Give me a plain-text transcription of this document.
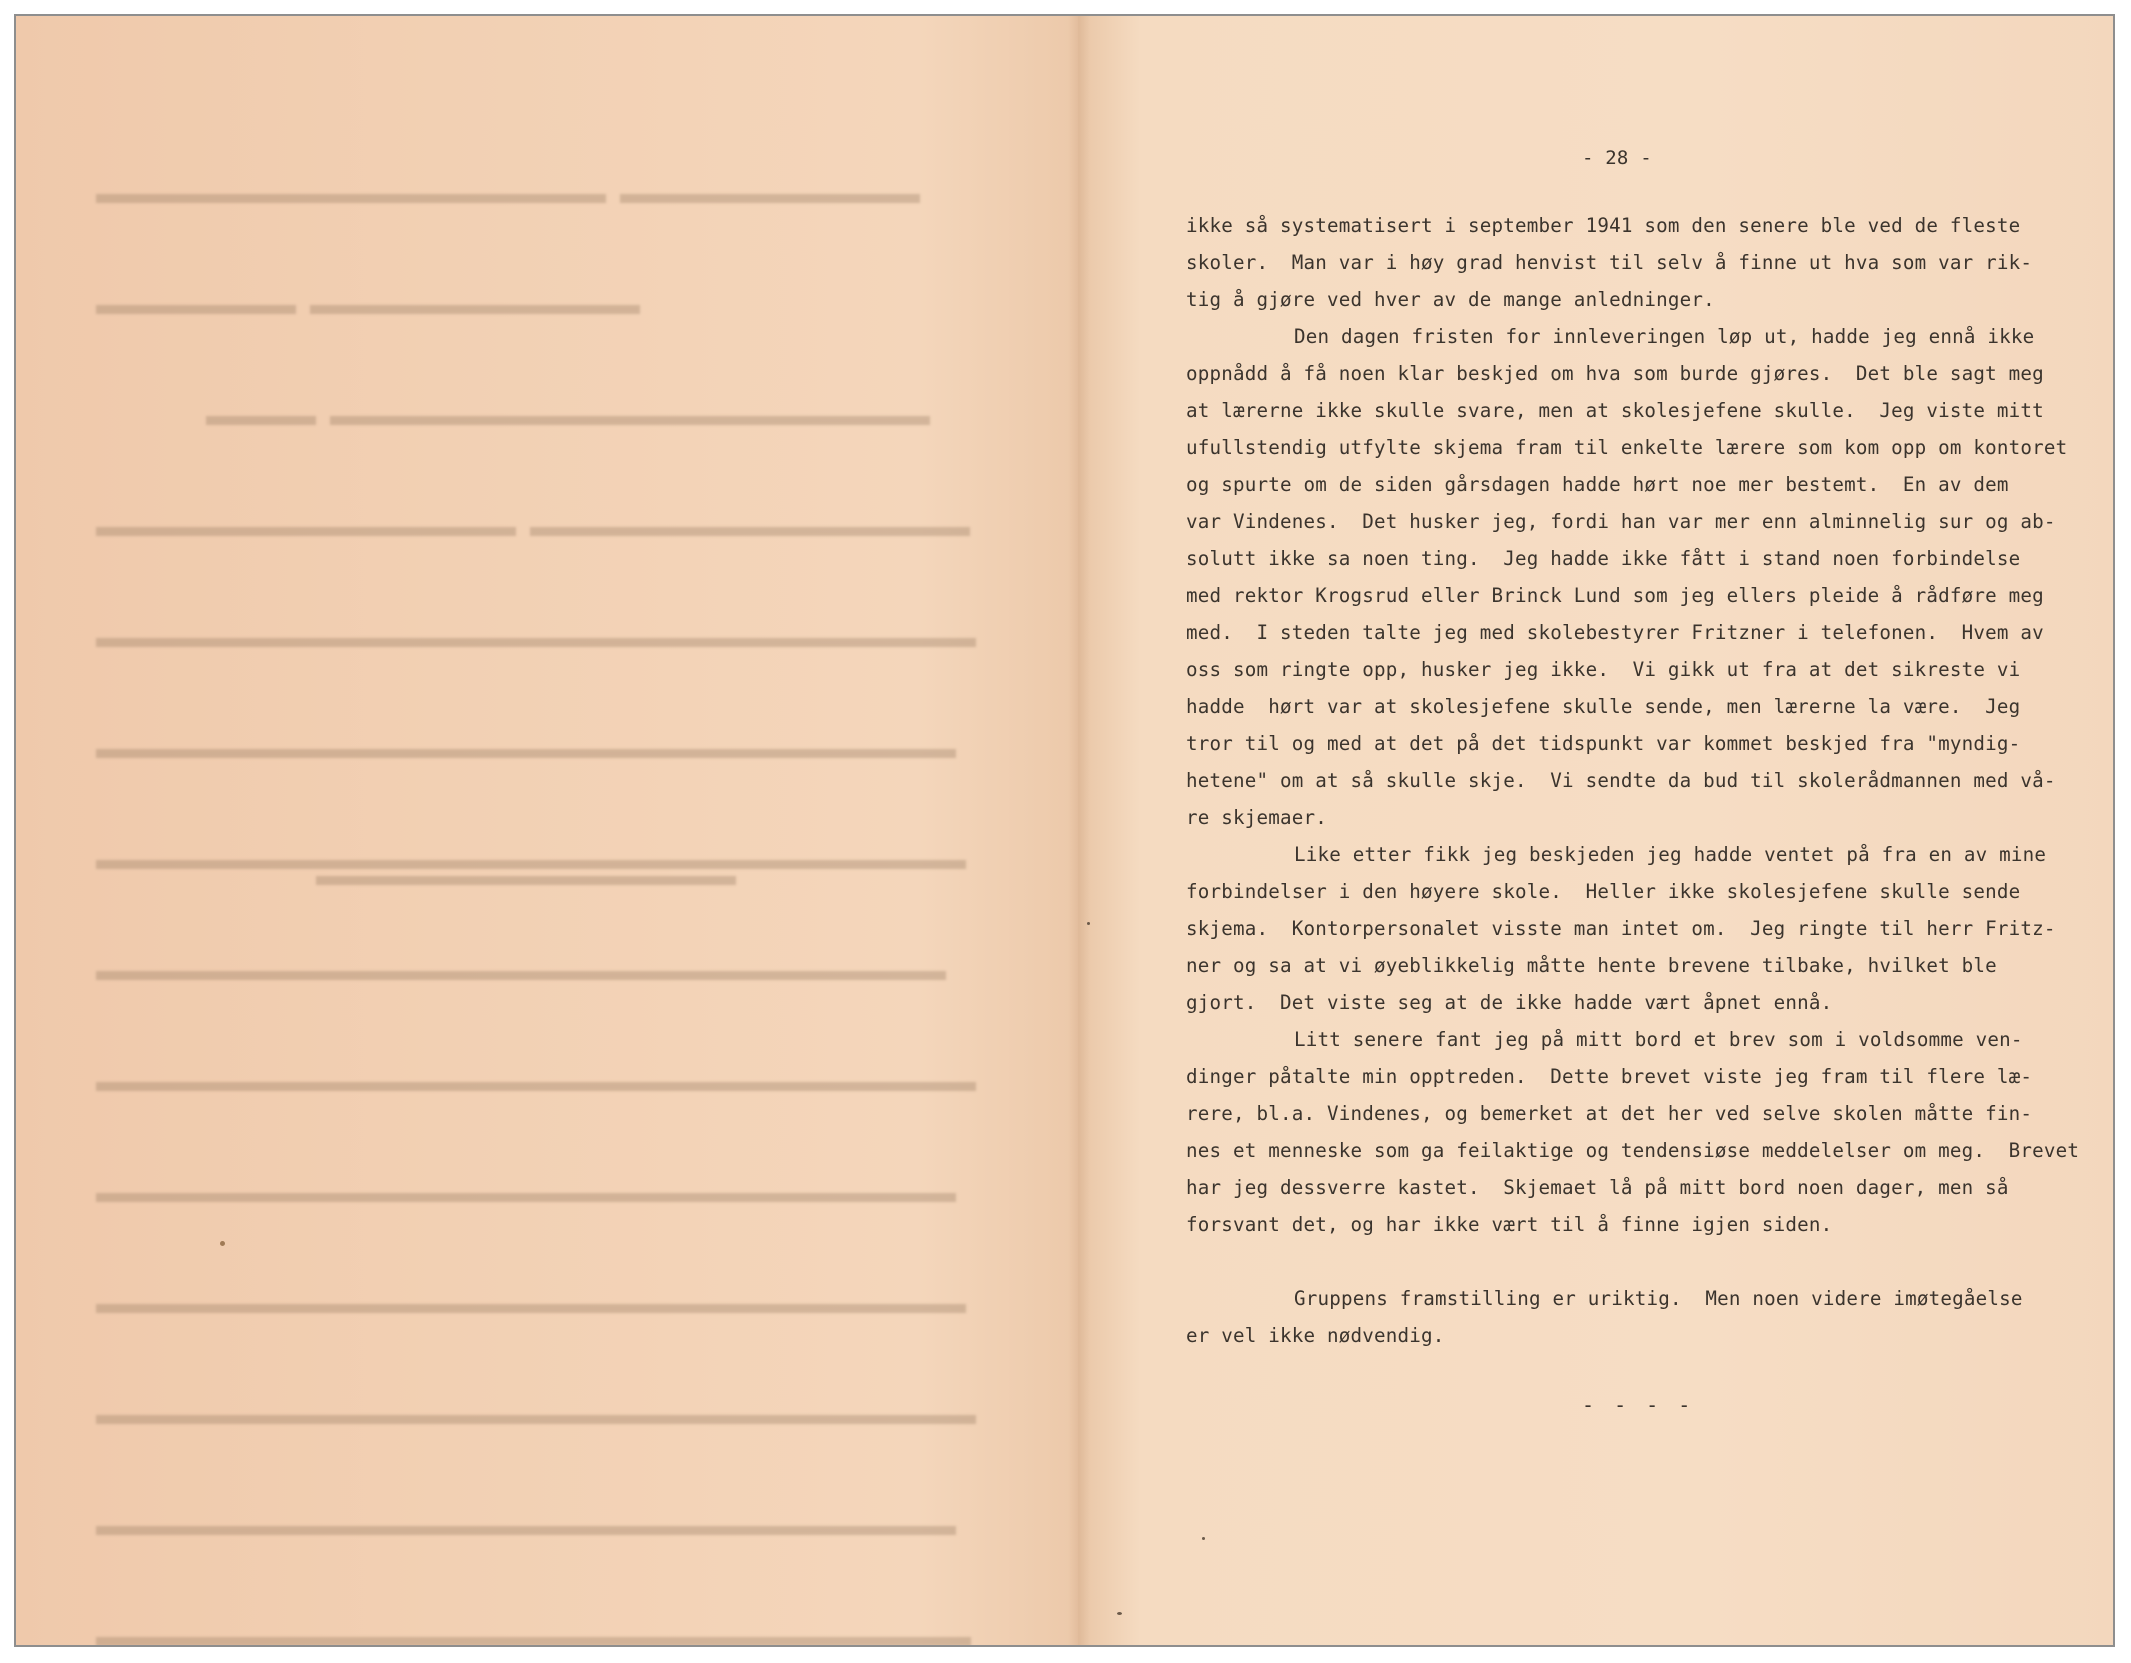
- 28 -
ikke så systematisert i september 1941 som den senere ble ved de fleste
skoler.  Man var i høy grad henvist til selv å finne ut hva som var rik-
tig å gjøre ved hver av de mange anledninger.
Den dagen fristen for innleveringen løp ut, hadde jeg ennå ikke
oppnådd å få noen klar beskjed om hva som burde gjøres.  Det ble sagt meg
at lærerne ikke skulle svare, men at skolesjefene skulle.  Jeg viste mitt
ufullstendig utfylte skjema fram til enkelte lærere som kom opp om kontoret
og spurte om de siden gårsdagen hadde hørt noe mer bestemt.  En av dem
var Vindenes.  Det husker jeg, fordi han var mer enn alminnelig sur og ab-
solutt ikke sa noen ting.  Jeg hadde ikke fått i stand noen forbindelse
med rektor Krogsrud eller Brinck Lund som jeg ellers pleide å rådføre meg
med.  I steden talte jeg med skolebestyrer Fritzner i telefonen.  Hvem av
oss som ringte opp, husker jeg ikke.  Vi gikk ut fra at det sikreste vi
hadde  hørt var at skolesjefene skulle sende, men lærerne la være.  Jeg
tror til og med at det på det tidspunkt var kommet beskjed fra "myndig-
hetene" om at så skulle skje.  Vi sendte da bud til skolerådmannen med vå-
re skjemaer.
Like etter fikk jeg beskjeden jeg hadde ventet på fra en av mine
forbindelser i den høyere skole.  Heller ikke skolesjefene skulle sende
skjema.  Kontorpersonalet visste man intet om.  Jeg ringte til herr Fritz-
ner og sa at vi øyeblikkelig måtte hente brevene tilbake, hvilket ble
gjort.  Det viste seg at de ikke hadde vært åpnet ennå.
Litt senere fant jeg på mitt bord et brev som i voldsomme ven-
dinger påtalte min opptreden.  Dette brevet viste jeg fram til flere læ-
rere, bl.a. Vindenes, og bemerket at det her ved selve skolen måtte fin-
nes et menneske som ga feilaktige og tendensiøse meddelelser om meg.  Brevet
har jeg dessverre kastet.  Skjemaet lå på mitt bord noen dager, men så
forsvant det, og har ikke vært til å finne igjen siden.
Gruppens framstilling er uriktig.  Men noen videre imøtegåelse
er vel ikke nødvendig.
- - - -
